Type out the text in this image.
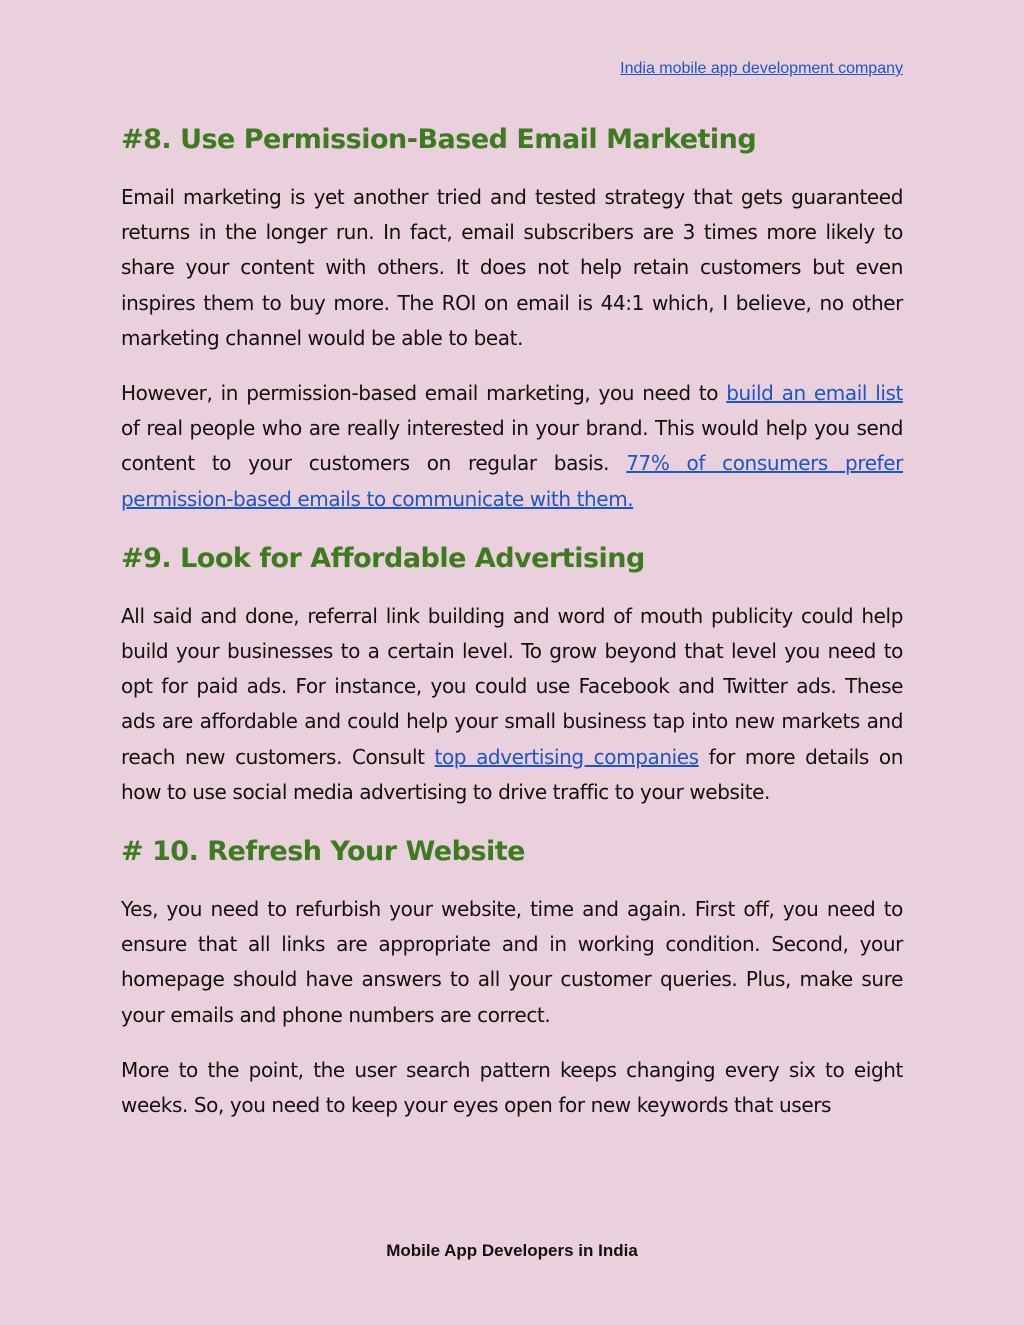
India mobile app development company
#8. Use Permission-Based Email Marketing

Email marketing is yet another tried and tested strategy that gets guaranteed returns in the longer run. In fact, email subscribers are 3 times more likely to share your content with others. It does not help retain customers but even inspires them to buy more. The ROI on email is 44:1 which, I believe, no other marketing channel would be able to beat.

However, in permission-based email marketing, you need to build an email list of real people who are really interested in your brand. This would help you send content to your customers on regular basis. 77% of consumers prefer permission-based emails to communicate with them.

#9. Look for Affordable Advertising

All said and done, referral link building and word of mouth publicity could help build your businesses to a certain level. To grow beyond that level you need to opt for paid ads. For instance, you could use Facebook and Twitter ads. These ads are affordable and could help your small business tap into new markets and reach new customers. Consult top advertising companies for more details on how to use social media advertising to drive traffic to your website.

# 10. Refresh Your Website

Yes, you need to refurbish your website, time and again. First off, you need to ensure that all links are appropriate and in working condition. Second, your homepage should have answers to all your customer queries. Plus, make sure your emails and phone numbers are correct.

More to the point, the user search pattern keeps changing every six to eight weeks. So, you need to keep your eyes open for new keywords that users

Mobile App Developers in India
